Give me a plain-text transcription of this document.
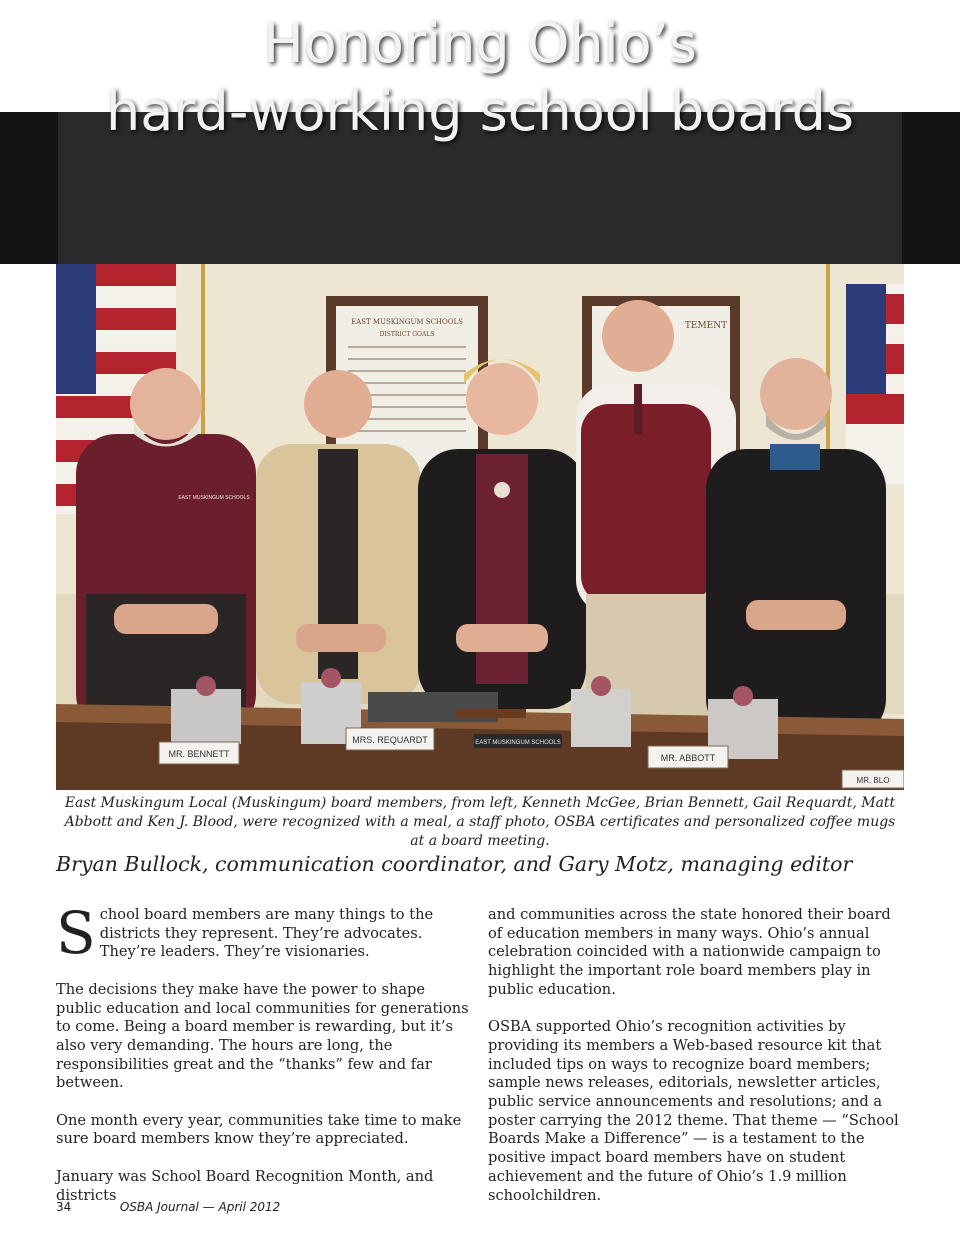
Honoring Ohio’s
hard-working school boards
EAST MUSKINGUM SCHOOLS
DISTRICT GOALS
TEMENT
MR. BENNETT
MRS. REQUARDT
MR. ABBOTT
MR. BLO
EAST MUSKINGUM SCHOOLS
EAST MUSKINGUM SCHOOLS

East Muskingum Local (Muskingum) board members, from left, Kenneth McGee, Brian Bennett, Gail Requardt, Matt Abbott and Ken J. Blood, were recognized with a meal, a staff photo, OSBA certificates and personalized coffee mugs at a board meeting.

Bryan Bullock, communication coordinator, and Gary Motz, managing editor

School board members are many things to the districts they represent. They’re advocates. They’re leaders. They’re visionaries.

The decisions they make have the power to shape public education and local communities for generations to come. Being a board member is rewarding, but it’s also very demanding. The hours are long, the responsibilities great and the “thanks” few and far between.

One month every year, communities take time to make sure board members know they’re appreciated.

January was School Board Recognition Month, and districts

and communities across the state honored their board of education members in many ways. Ohio’s annual celebration coincided with a nationwide campaign to highlight the important role board members play in public education.

OSBA supported Ohio’s recognition activities by providing its members a Web-based resource kit that included tips on ways to recognize board members; sample news releases, editorials, newsletter articles, public service announcements and resolutions; and a poster carrying the 2012 theme. That theme — “School Boards Make a Difference” — is a testament to the positive impact board members have on student achievement and the future of Ohio’s 1.9 million schoolchildren.

34	OSBA Journal — April 2012
